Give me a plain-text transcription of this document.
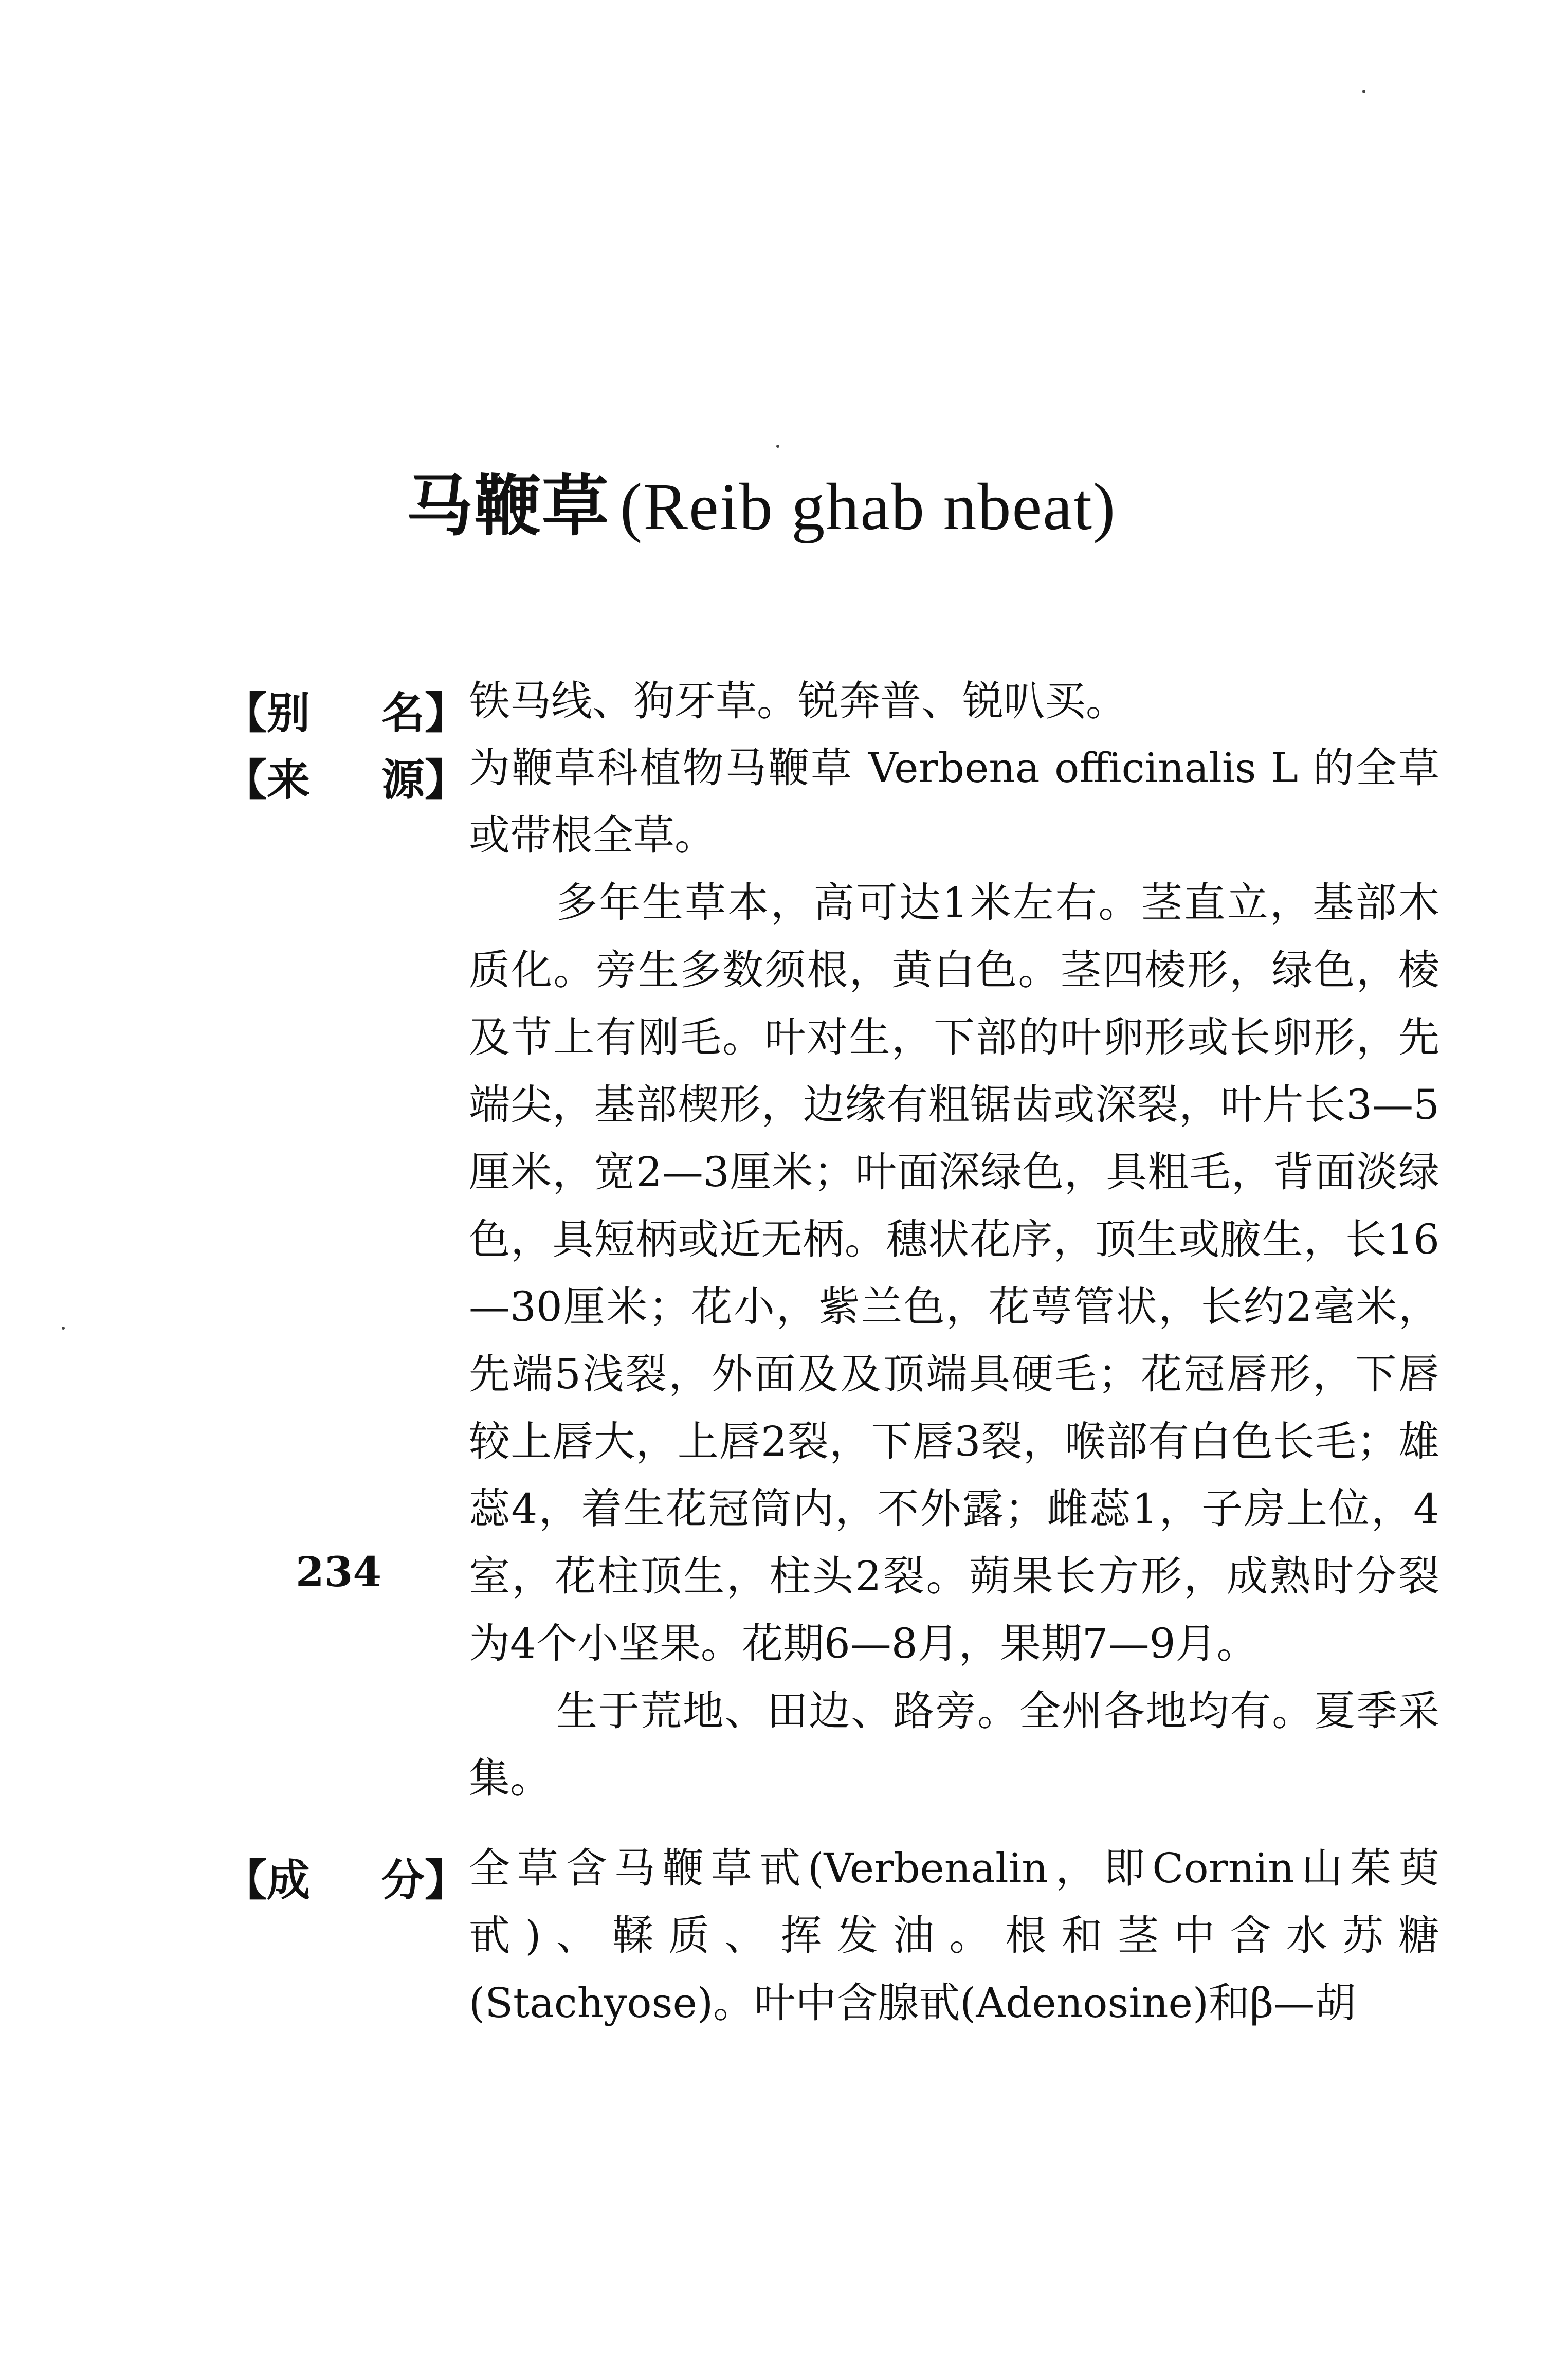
马鞭草 (Reib ghab nbeat)
【别 名】 铁马线、狗牙草。锐奔普、锐叭买。

【来 源】 为鞭草科植物马鞭草 Verbena officinalis L 的全草或带根全草。

多年生草本，高可达1米左右。茎直立，基部木质化。旁生多数须根，黄白色。茎四棱形，绿色，棱及节上有刚毛。叶对生，下部的叶卵形或长卵形，先端尖，基部楔形，边缘有粗锯齿或深裂，叶片长3—5厘米，宽2—3厘米；叶面深绿色，具粗毛，背面淡绿色，具短柄或近无柄。穗状花序，顶生或腋生，长16—30厘米；花小，紫兰色，花萼管状，长约2毫米，先端5浅裂，外面及及顶端具硬毛；花冠唇形，下唇较上唇大，上唇2裂，下唇3裂，喉部有白色长毛；雄蕊4，着生花冠筒内，不外露；雌蕊1，子房上位，4室，花柱顶生，柱头2裂。蒴果长方形，成熟时分裂为4个小坚果。花期6—8月，果期7—9月。

生于荒地、田边、路旁。全州各地均有。夏季采集。

【成 分】 全草含马鞭草甙(Verbenalin，即Cornin山茱萸甙)、鞣质、挥发油。根和茎中含水苏糖(Stachyose)。叶中含腺甙(Adenosine)和β—胡

234
